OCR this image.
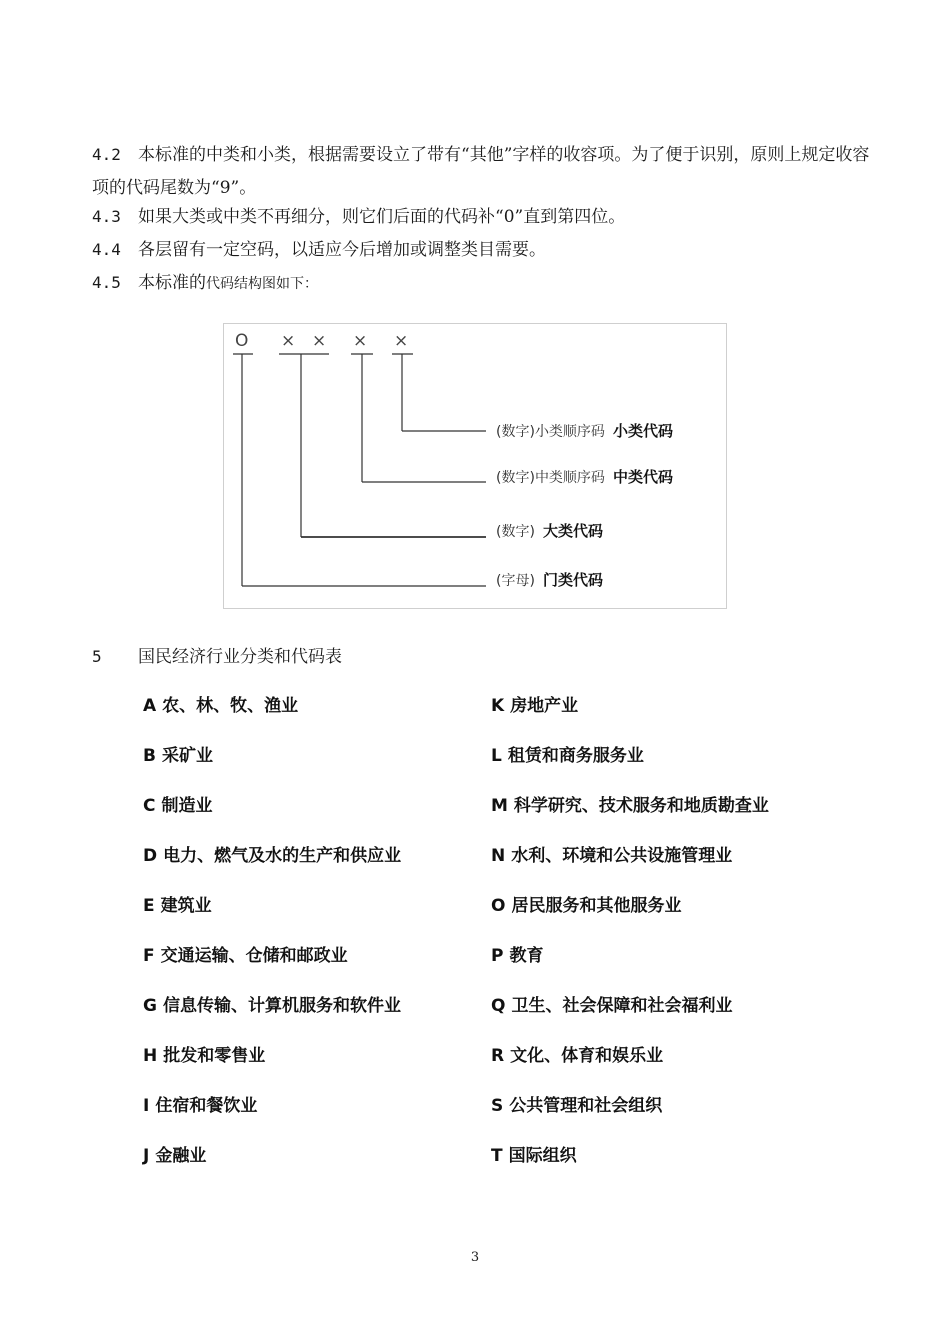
4.2 本标准的中类和小类，根据需要设立了带有“其他”字样的收容项。为了便于识别，原则上规定收容项的代码尾数为“9”。

4.3 如果大类或中类不再细分，则它们后面的代码补“0”直到第四位。

4.4 各层留有一定空码，以适应今后增加或调整类目需要。

4.5 本标准的代码结构图如下：

O × × × ×
(数字)小类顺序码 小类代码
(数字)中类顺序码 中类代码
(数字) 大类代码
(字母) 门类代码
5 国民经济行业分类和代码表
A 农、林、牧、渔业
B 采矿业
C 制造业
D 电力、燃气及水的生产和供应业
E 建筑业
F 交通运输、仓储和邮政业
G 信息传输、计算机服务和软件业
H 批发和零售业
I 住宿和餐饮业
J 金融业
K 房地产业
L 租赁和商务服务业
M 科学研究、技术服务和地质勘查业
N 水利、环境和公共设施管理业
O 居民服务和其他服务业
P 教育
Q 卫生、社会保障和社会福利业
R 文化、体育和娱乐业
S 公共管理和社会组织
T 国际组织
3
